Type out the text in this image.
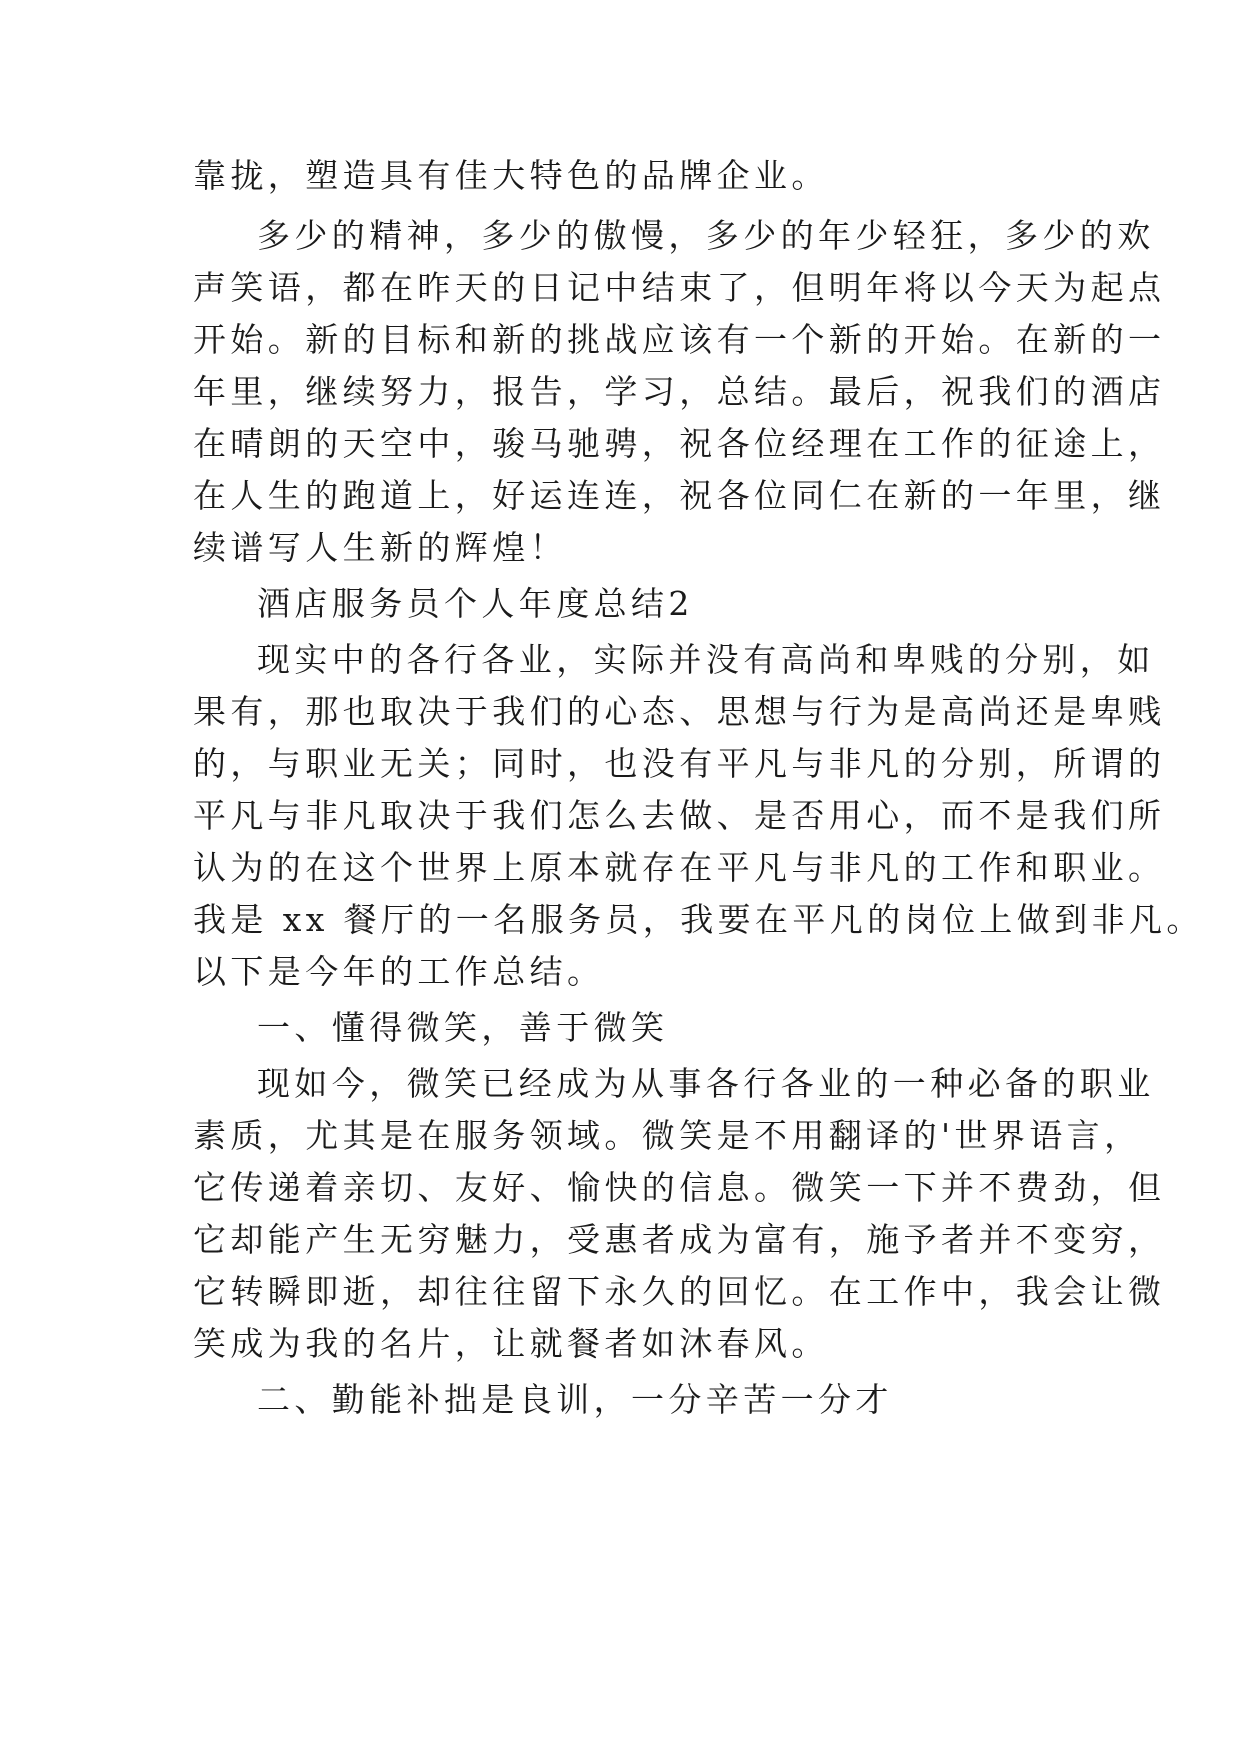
靠拢，塑造具有佳大特色的品牌企业。

多少的精神，多少的傲慢，多少的年少轻狂，多少的欢

声笑语，都在昨天的日记中结束了，但明年将以今天为起点

开始。新的目标和新的挑战应该有一个新的开始。在新的一

年里，继续努力，报告，学习，总结。最后，祝我们的酒店

在晴朗的天空中，骏马驰骋，祝各位经理在工作的征途上，

在人生的跑道上，好运连连，祝各位同仁在新的一年里，继

续谱写人生新的辉煌！

酒店服务员个人年度总结2

现实中的各行各业，实际并没有高尚和卑贱的分别，如

果有，那也取决于我们的心态、思想与行为是高尚还是卑贱

的，与职业无关；同时，也没有平凡与非凡的分别，所谓的

平凡与非凡取决于我们怎么去做、是否用心，而不是我们所

认为的在这个世界上原本就存在平凡与非凡的工作和职业。

我是 xx 餐厅的一名服务员，我要在平凡的岗位上做到非凡。

以下是今年的工作总结。

一、懂得微笑，善于微笑

现如今，微笑已经成为从事各行各业的一种必备的职业

素质，尤其是在服务领域。微笑是不用翻译的'世界语言，

它传递着亲切、友好、愉快的信息。微笑一下并不费劲，但

它却能产生无穷魅力，受惠者成为富有，施予者并不变穷，

它转瞬即逝，却往往留下永久的回忆。在工作中，我会让微

笑成为我的名片，让就餐者如沐春风。

二、勤能补拙是良训，一分辛苦一分才
